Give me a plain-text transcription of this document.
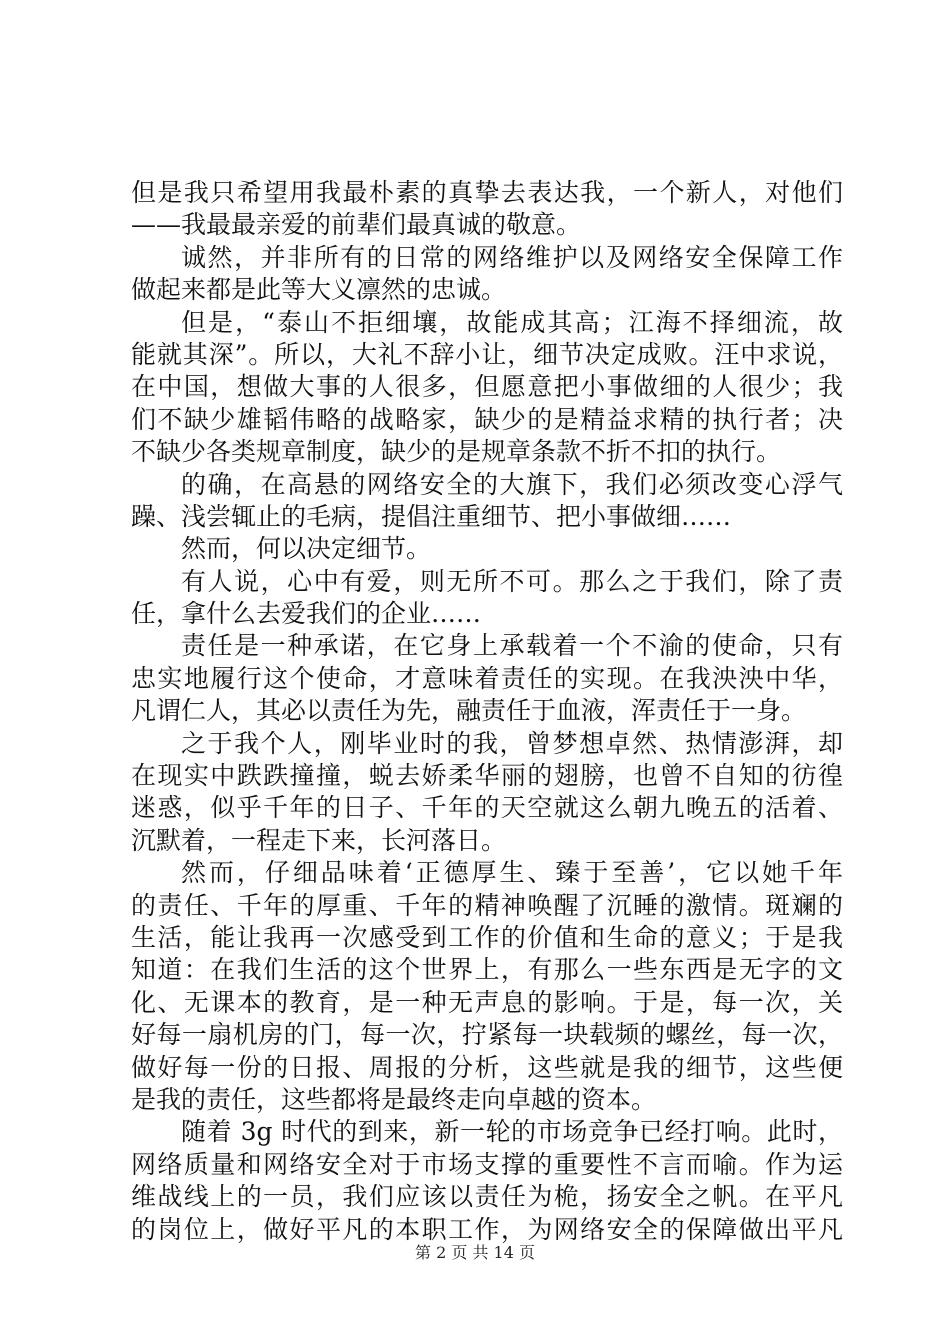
但是我只希望用我最朴素的真挚去表达我，一个新人，对他们
——我最最亲爱的前辈们最真诚的敬意。
诚然，并非所有的日常的网络维护以及网络安全保障工作
做起来都是此等大义凛然的忠诚。
但是，“泰山不拒细壤，故能成其高；江海不择细流，故
能就其深”。所以，大礼不辞小让，细节决定成败。汪中求说，
在中国，想做大事的人很多，但愿意把小事做细的人很少；我
们不缺少雄韬伟略的战略家，缺少的是精益求精的执行者；决
不缺少各类规章制度，缺少的是规章条款不折不扣的执行。
的确，在高悬的网络安全的大旗下，我们必须改变心浮气
躁、浅尝辄止的毛病，提倡注重细节、把小事做细……
然而，何以决定细节。
有人说，心中有爱，则无所不可。那么之于我们，除了责
任，拿什么去爱我们的企业……
责任是一种承诺，在它身上承载着一个不渝的使命，只有
忠实地履行这个使命，才意味着责任的实现。在我泱泱中华，
凡谓仁人，其必以责任为先，融责任于血液，浑责任于一身。
之于我个人，刚毕业时的我，曾梦想卓然、热情澎湃，却
在现实中跌跌撞撞，蜕去娇柔华丽的翅膀，也曾不自知的彷徨
迷惑，似乎千年的日子、千年的天空就这么朝九晚五的活着、
沉默着，一程走下来，长河落日。
然而，仔细品味着‘正德厚生、臻于至善’，它以她千年
的责任、千年的厚重、千年的精神唤醒了沉睡的激情。斑斓的
生活，能让我再一次感受到工作的价值和生命的意义；于是我
知道：在我们生活的这个世界上，有那么一些东西是无字的文
化、无课本的教育，是一种无声息的影响。于是，每一次，关
好每一扇机房的门，每一次，拧紧每一块载频的螺丝，每一次，
做好每一份的日报、周报的分析，这些就是我的细节，这些便
是我的责任，这些都将是最终走向卓越的资本。
随着 3g 时代的到来，新一轮的市场竞争已经打响。此时，
网络质量和网络安全对于市场支撑的重要性不言而喻。作为运
维战线上的一员，我们应该以责任为桅，扬安全之帆。在平凡
的岗位上，做好平凡的本职工作，为网络安全的保障做出平凡
第 2 页 共 14 页
